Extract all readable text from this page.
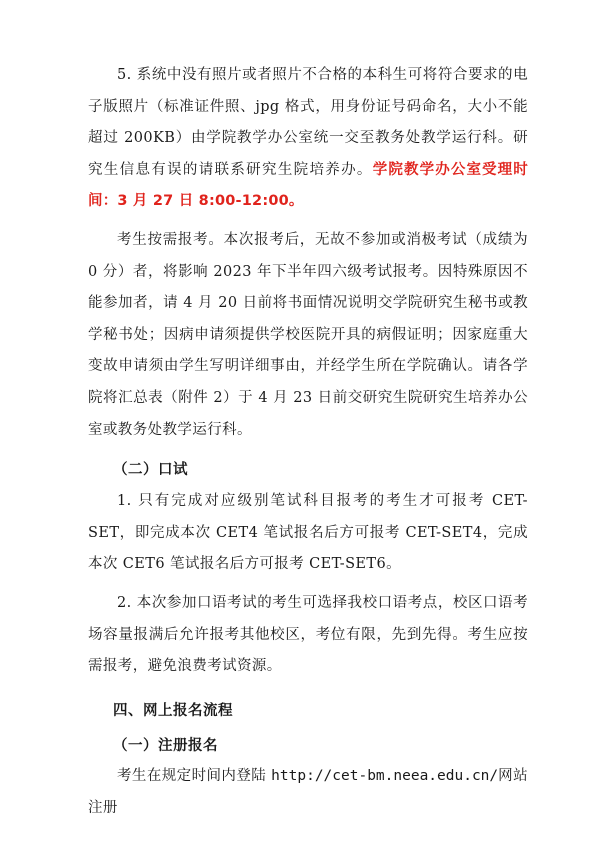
5. 系统中没有照片或者照片不合格的本科生可将符合要求的电子版照片（标准证件照、jpg 格式，用身份证号码命名，大小不能超过 200KB）由学院教学办公室统一交至教务处教学运行科。研究生信息有误的请联系研究生院培养办。学院教学办公室受理时间：3 月 27 日 8:00-12:00。

考生按需报考。本次报考后，无故不参加或消极考试（成绩为 0 分）者，将影响 2023 年下半年四六级考试报考。因特殊原因不能参加者，请 4 月 20 日前将书面情况说明交学院研究生秘书或教学秘书处；因病申请须提供学校医院开具的病假证明；因家庭重大变故申请须由学生写明详细事由，并经学生所在学院确认。请各学院将汇总表（附件 2）于 4 月 23 日前交研究生院研究生培养办公室或教务处教学运行科。

（二）口试

1. 只有完成对应级别笔试科目报考的考生才可报考 CET-SET，即完成本次 CET4 笔试报名后方可报考 CET-SET4，完成本次 CET6 笔试报名后方可报考 CET-SET6。

2. 本次参加口语考试的考生可选择我校口语考点，校区口语考场容量报满后允许报考其他校区，考位有限，先到先得。考生应按需报考，避免浪费考试资源。

四、网上报名流程
（一）注册报名

考生在规定时间内登陆 http://cet-bm.neea.edu.cn/网站注册
